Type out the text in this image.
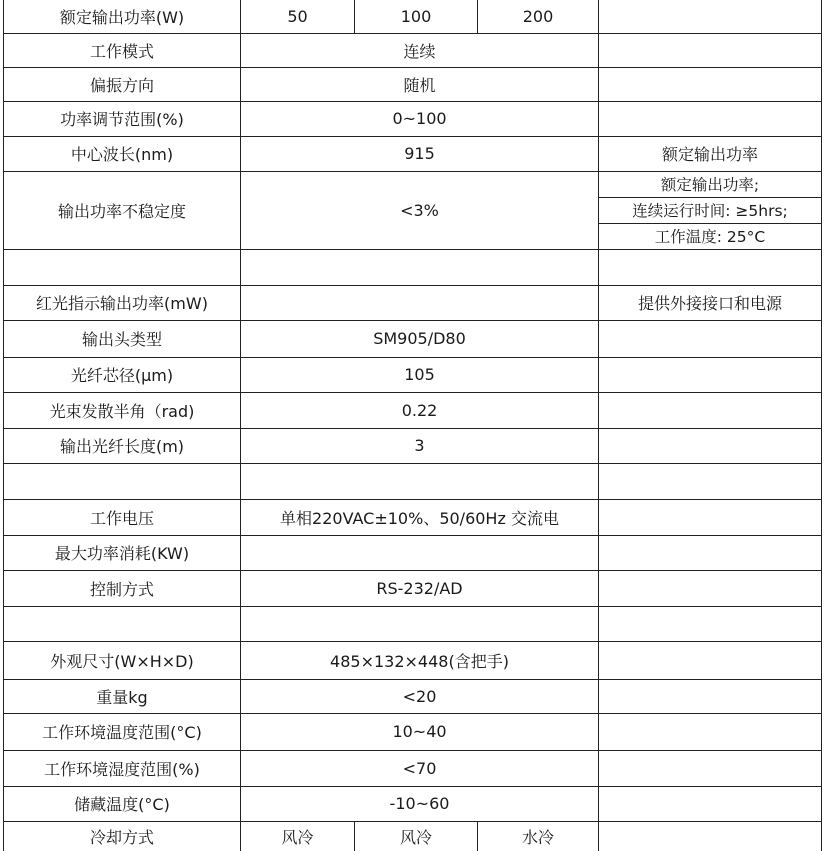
额定输出功率(W)	50	100	200	
工作模式	连续			
偏振方向	随机			
功率调节范围(%)	0~100			
中心波长(nm)	915			额定输出功率
输出功率不稳定度	<3%			额定输出功率;
				连续运行时间: ≥5hrs;
				工作温度: 25°C

红光指示输出功率(mW)				提供外接接口和电源
输出头类型	SM905/D80			
光纤芯径(μm)	105			
光束发散半角（rad)	0.22			
输出光纤长度(m)	3			

工作电压	单相220VAC±10%、50/60Hz 交流电			
最大功率消耗(KW)				
控制方式	RS-232/AD			

外观尺寸(W×H×D)	485×132×448(含把手)			
重量kg	<20			
工作环境温度范围(°C)	10~40			
工作环境湿度范围(%)	<70			
储藏温度(°C)	-10~60			
冷却方式	风冷	风冷	水冷	
